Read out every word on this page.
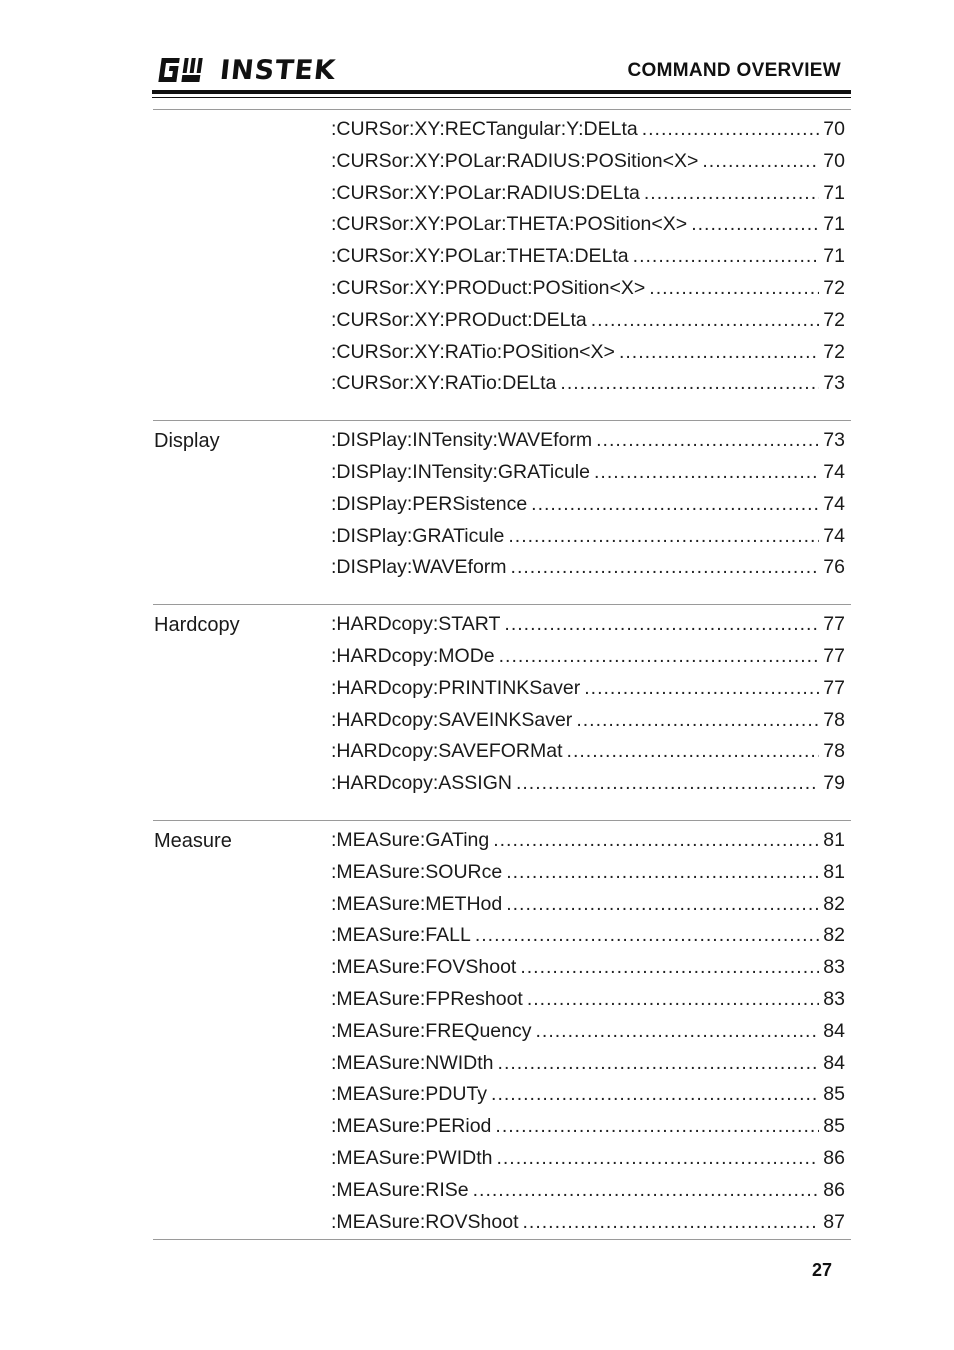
INSTEK	COMMAND OVERVIEW
:CURSor:XY:RECTangular:Y:DELta .....	70
:CURSor:XY:POLar:RADIUS:POSition<X> .....	70
:CURSor:XY:POLar:RADIUS:DELta .....	71
:CURSor:XY:POLar:THETA:POSition<X> .....	71
:CURSor:XY:POLar:THETA:DELta .....	71
:CURSor:XY:PRODuct:POSition<X> .....	72
:CURSor:XY:PRODuct:DELta .....	72
:CURSor:XY:RATio:POSition<X> .....	72
:CURSor:XY:RATio:DELta .....	73
Display	:DISPlay:INTensity:WAVEform .....	73
:DISPlay:INTensity:GRATicule .....	74
:DISPlay:PERSistence .....	74
:DISPlay:GRATicule .....	74
:DISPlay:WAVEform .....	76
Hardcopy	:HARDcopy:START .....	77
:HARDcopy:MODe .....	77
:HARDcopy:PRINTINKSaver .....	77
:HARDcopy:SAVEINKSaver .....	78
:HARDcopy:SAVEFORMat .....	78
:HARDcopy:ASSIGN .....	79
Measure	:MEASure:GATing .....	81
:MEASure:SOURce .....	81
:MEASure:METHod .....	82
:MEASure:FALL .....	82
:MEASure:FOVShoot .....	83
:MEASure:FPReshoot .....	83
:MEASure:FREQuency .....	84
:MEASure:NWIDth .....	84
:MEASure:PDUTy .....	85
:MEASure:PERiod .....	85
:MEASure:PWIDth .....	86
:MEASure:RISe .....	86
:MEASure:ROVShoot .....	87
27
